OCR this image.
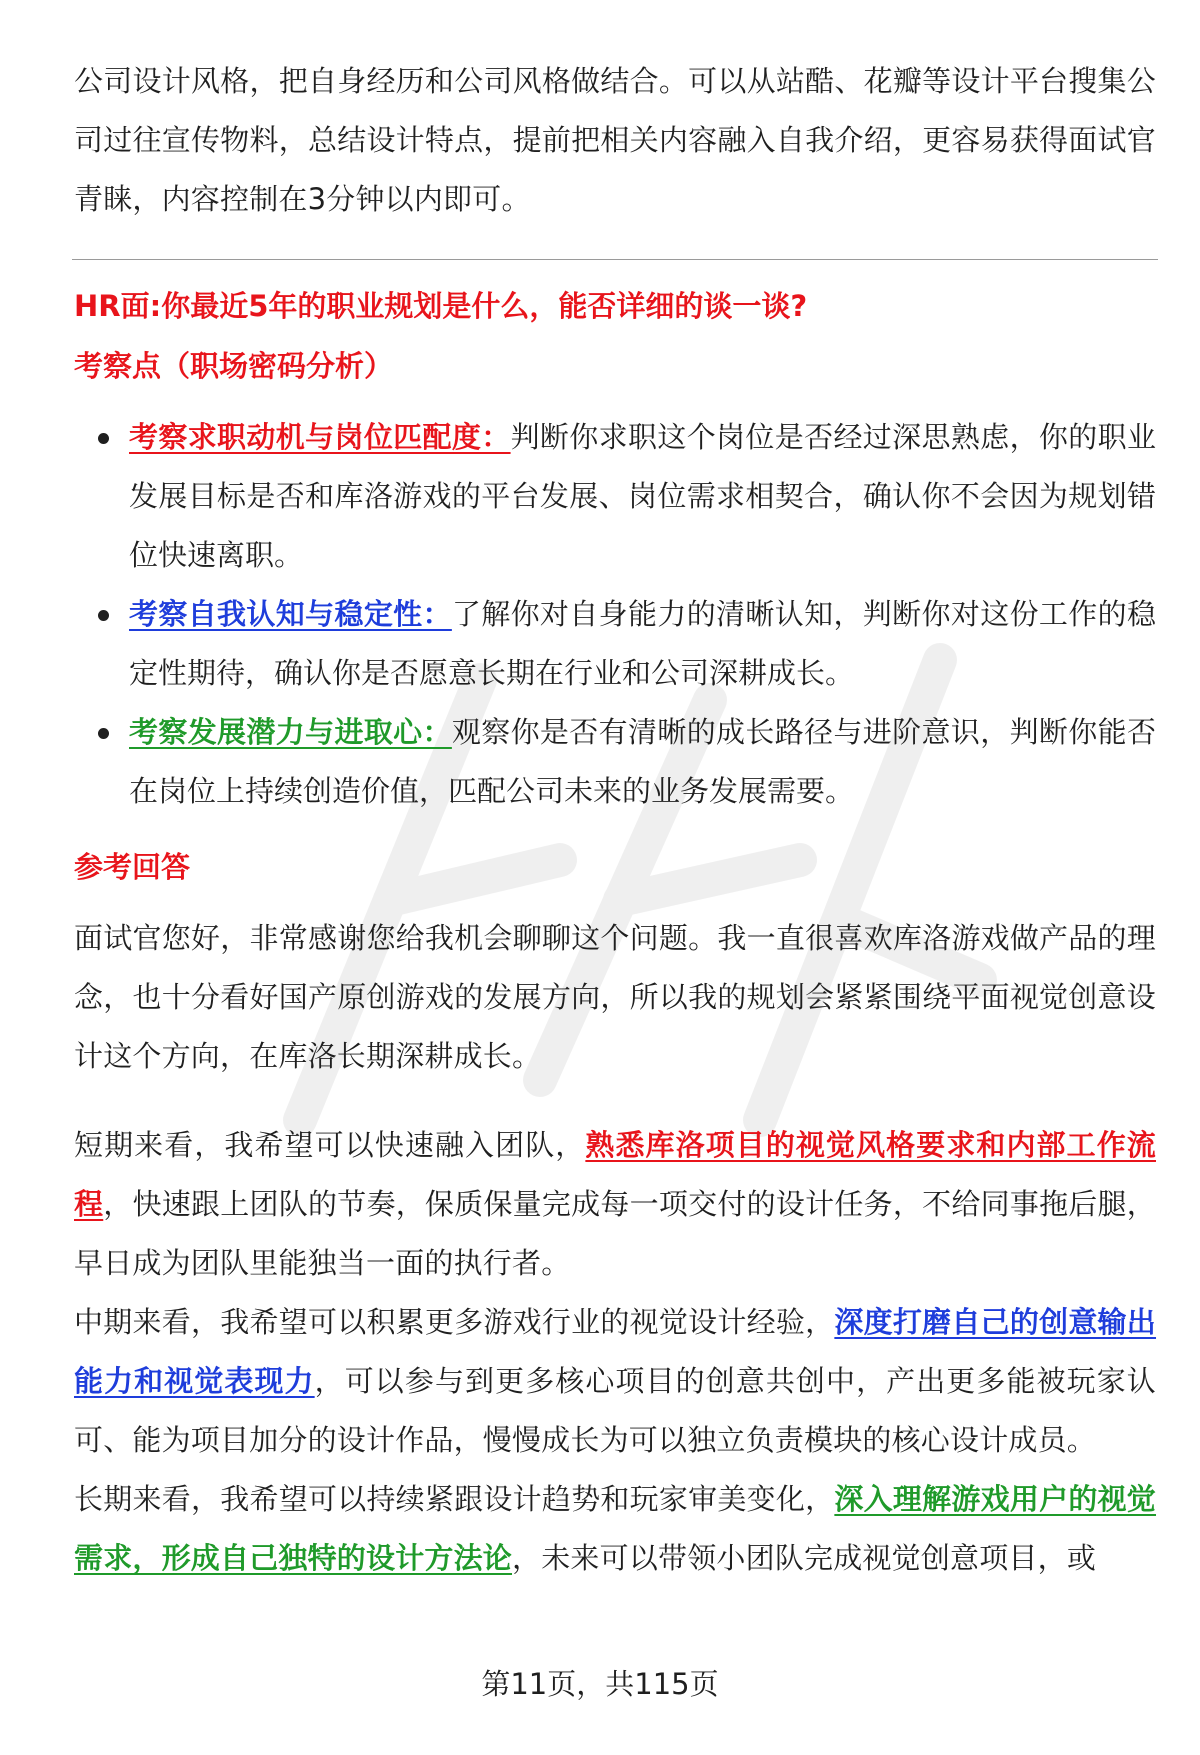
公司设计风格，把自身经历和公司风格做结合。可以从站酷、花瓣等设计平台搜集公司过往宣传物料，总结设计特点，提前把相关内容融入自我介绍，更容易获得面试官青睐，内容控制在3分钟以内即可。

HR面:你最近5年的职业规划是什么，能否详细的谈一谈?
考察点（职场密码分析）
考察求职动机与岗位匹配度：判断你求职这个岗位是否经过深思熟虑，你的职业发展目标是否和库洛游戏的平台发展、岗位需求相契合，确认你不会因为规划错位快速离职。
考察自我认知与稳定性：了解你对自身能力的清晰认知，判断你对这份工作的稳定性期待，确认你是否愿意长期在行业和公司深耕成长。
考察发展潜力与进取心：观察你是否有清晰的成长路径与进阶意识，判断你能否在岗位上持续创造价值，匹配公司未来的业务发展需要。
参考回答

面试官您好，非常感谢您给我机会聊聊这个问题。我一直很喜欢库洛游戏做产品的理念，也十分看好国产原创游戏的发展方向，所以我的规划会紧紧围绕平面视觉创意设计这个方向，在库洛长期深耕成长。

短期来看，我希望可以快速融入团队，熟悉库洛项目的视觉风格要求和内部工作流程，快速跟上团队的节奏，保质保量完成每一项交付的设计任务，不给同事拖后腿，早日成为团队里能独当一面的执行者。

中期来看，我希望可以积累更多游戏行业的视觉设计经验，深度打磨自己的创意输出能力和视觉表现力，可以参与到更多核心项目的创意共创中，产出更多能被玩家认可、能为项目加分的设计作品，慢慢成长为可以独立负责模块的核心设计成员。

长期来看，我希望可以持续紧跟设计趋势和玩家审美变化，深入理解游戏用户的视觉需求，形成自己独特的设计方法论，未来可以带领小团队完成视觉创意项目，或

第11页，共115页
